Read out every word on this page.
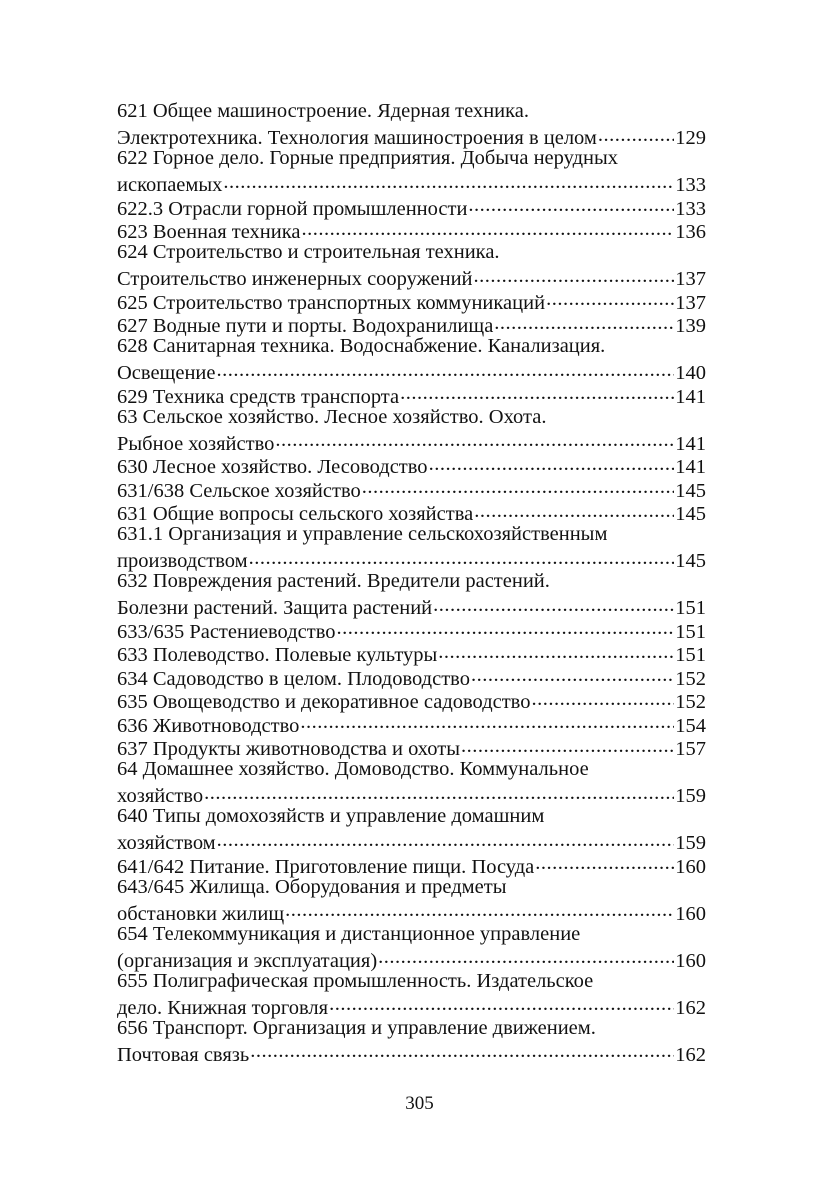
621 Общее машиностроение. Ядерная техника.
Электротехника. Технология машиностроения в целом .....	129
622 Горное дело. Горные предприятия. Добыча нерудных
ископаемых .....	133
622.3 Отрасли горной промышленности .....	133
623 Военная техника .....	136
624 Строительство и строительная техника.
Строительство инженерных сооружений .....	137
625 Строительство транспортных коммуникаций .....	137
627 Водные пути и порты. Водохранилища .....	139
628 Санитарная техника. Водоснабжение. Канализация.
Освещение .....	140
629 Техника средств транспорта .....	141
63 Сельское хозяйство. Лесное хозяйство. Охота.
Рыбное хозяйство .....	141
630 Лесное хозяйство. Лесоводство .....	141
631/638 Сельское хозяйство .....	145
631 Общие вопросы сельского хозяйства .....	145
631.1 Организация и управление сельскохозяйственным
производством .....	145
632 Повреждения растений. Вредители растений.
Болезни растений. Защита растений .....	151
633/635 Растениеводство .....	151
633 Полеводство. Полевые культуры .....	151
634 Садоводство в целом. Плодоводство .....	152
635 Овощеводство и декоративное садоводство .....	152
636 Животноводство .....	154
637 Продукты животноводства и охоты .....	157
64 Домашнее хозяйство. Домоводство. Коммунальное
хозяйство .....	159
640 Типы домохозяйств и управление домашним
хозяйством .....	159
641/642 Питание. Приготовление пищи. Посуда .....	160
643/645 Жилища. Оборудования и предметы
обстановки жилищ .....	160
654 Телекоммуникация и дистанционное управление
(организация и эксплуатация) .....	160
655 Полиграфическая промышленность. Издательское
дело. Книжная торговля .....	162
656 Транспорт. Организация и управление движением.
Почтовая связь .....	162
305
